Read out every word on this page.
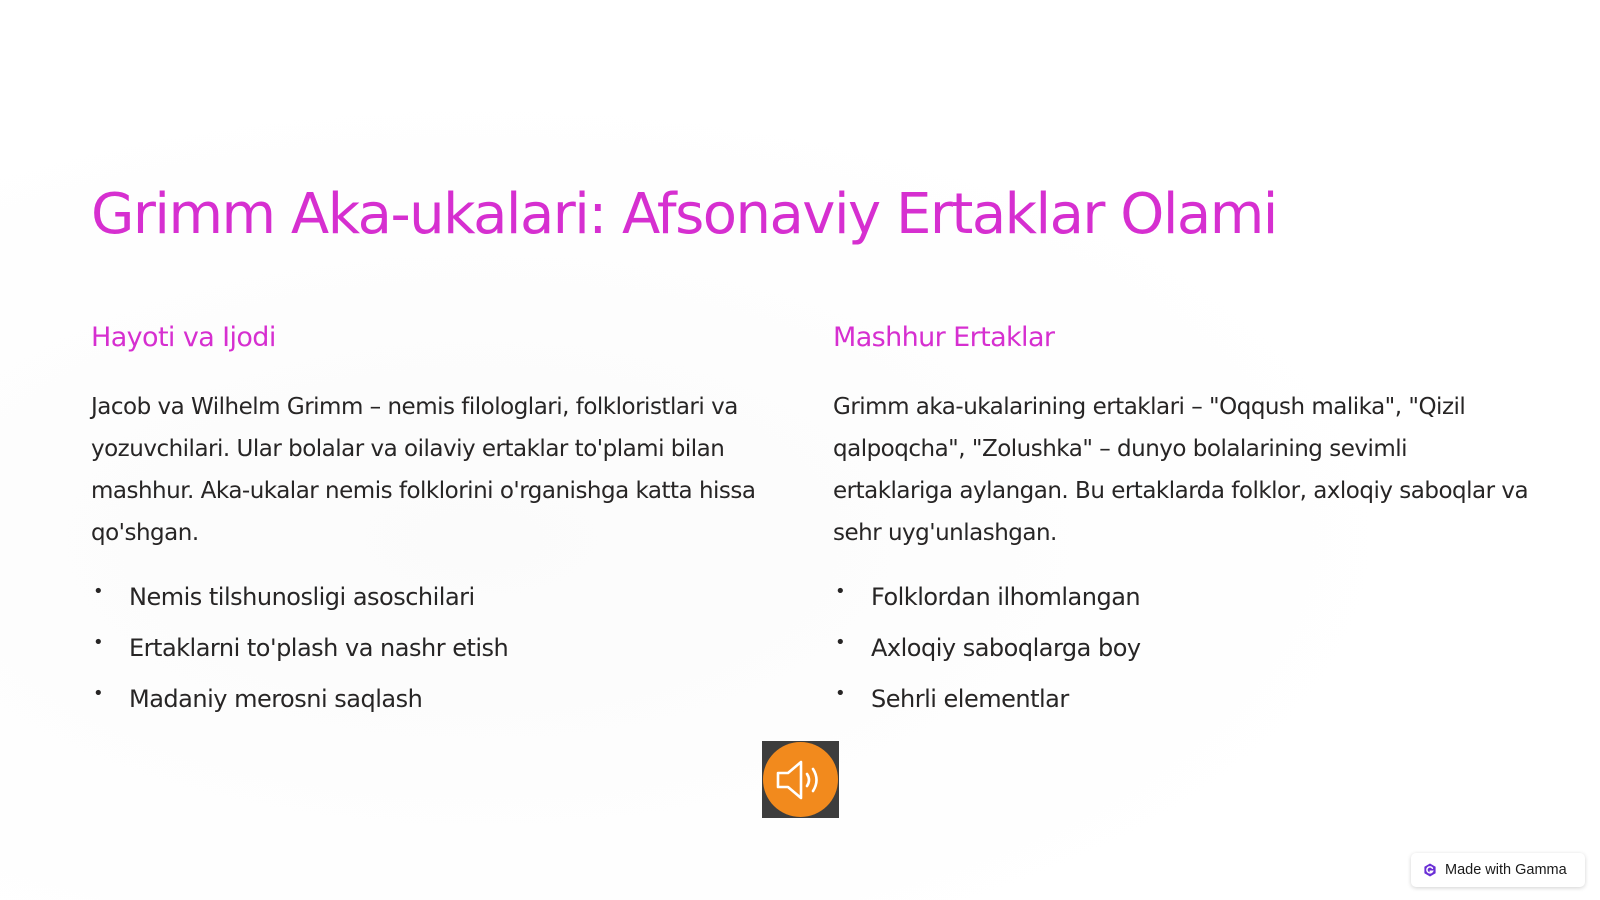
Grimm Aka-ukalari: Afsonaviy Ertaklar Olami
Hayoti va Ijodi

Jacob va Wilhelm Grimm – nemis filologlari, folkloristlari va yozuvchilari. Ular bolalar va oilaviy ertaklar to'plami bilan mashhur. Aka-ukalar nemis folklorini o'rganishga katta hissa qo'shgan.

• Nemis tilshunosligi asoschilari
• Ertaklarni to'plash va nashr etish
• Madaniy merosni saqlash
Mashhur Ertaklar

Grimm aka-ukalarining ertaklari – "Oqqush malika", "Qizil qalpoqcha", "Zolushka" – dunyo bolalarining sevimli ertaklariga aylangan. Bu ertaklarda folklor, axloqiy saboqlar va sehr uyg'unlashgan.

• Folklordan ilhomlangan
• Axloqiy saboqlarga boy
• Sehrli elementlar
Made with Gamma
